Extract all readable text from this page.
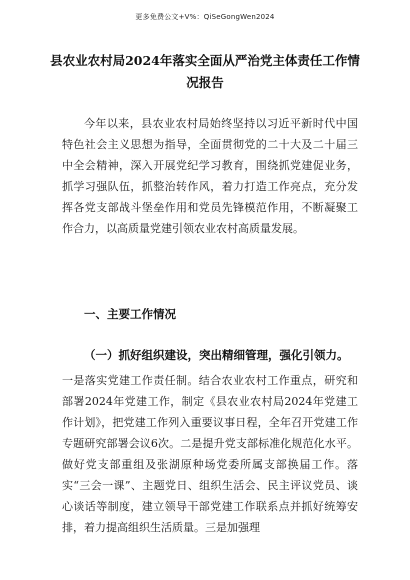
更多免费公文+V%：QiSeGongWen2024
县农业农村局2024年落实全面从严治党主体责任工作情况报告

今年以来，县农业农村局始终坚持以习近平新时代中国特色社会主义思想为指导，全面贯彻党的二十大及二十届三中全会精神，深入开展党纪学习教育，围绕抓党建促业务，抓学习强队伍，抓整治转作风，着力打造工作亮点，充分发挥各党支部战斗堡垒作用和党员先锋模范作用，不断凝聚工作合力，以高质量党建引领农业农村高质量发展。

一、主要工作情况
（一）抓好组织建设，突出精细管理，强化引领力。

一是落实党建工作责任制。结合农业农村工作重点，研究和部署2024年党建工作，制定《县农业农村局2024年党建工作计划》，把党建工作列入重要议事日程，全年召开党建工作专题研究部署会议6次。二是提升党支部标准化规范化水平。做好党支部重组及张湖原种场党委所属支部换届工作。落实“三会一课”、主题党日、组织生活会、民主评议党员、谈心谈话等制度，建立领导干部党建工作联系点并抓好统筹安排，着力提高组织生活质量。三是加强理
